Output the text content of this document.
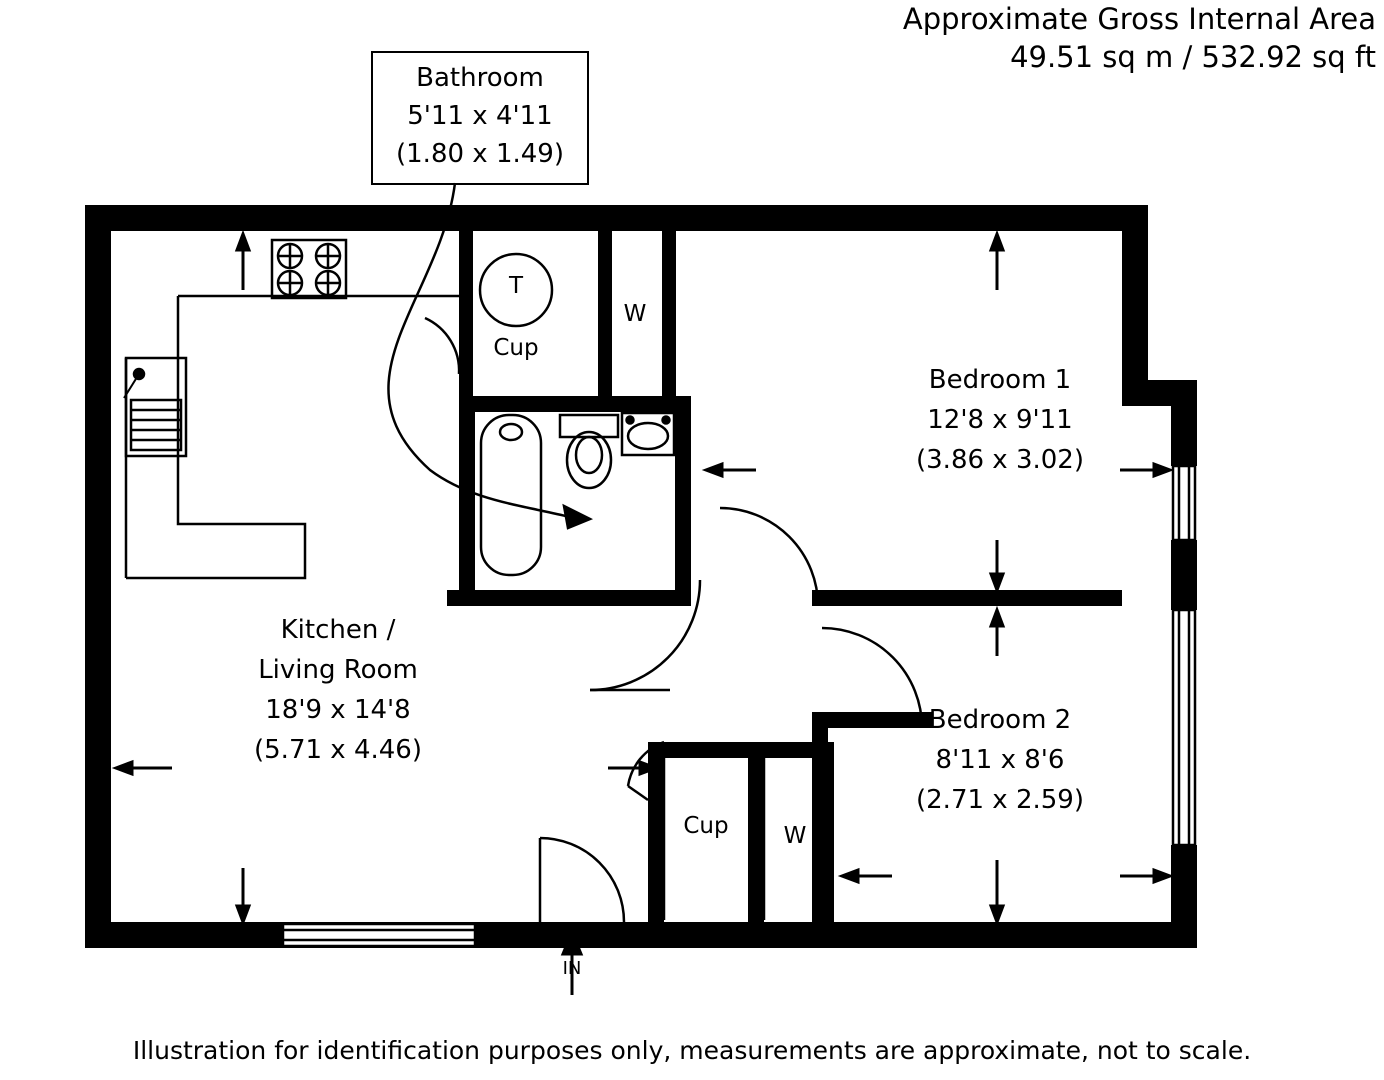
Approximate Gross Internal Area
49.51 sq m / 532.92 sq ft
Bathroom
5'11 x 4'11
(1.80 x 1.49)
Kitchen /
Living Room
18'9 x 14'8
(5.71 x 4.46)
Bedroom 1
12'8 x 9'11
(3.86 x 3.02)
Bedroom 2
8'11 x 8'6
(2.71 x 2.59)
T
Cup
W
Cup	W
IN
Illustration for identification purposes only, measurements are approximate, not to scale.
